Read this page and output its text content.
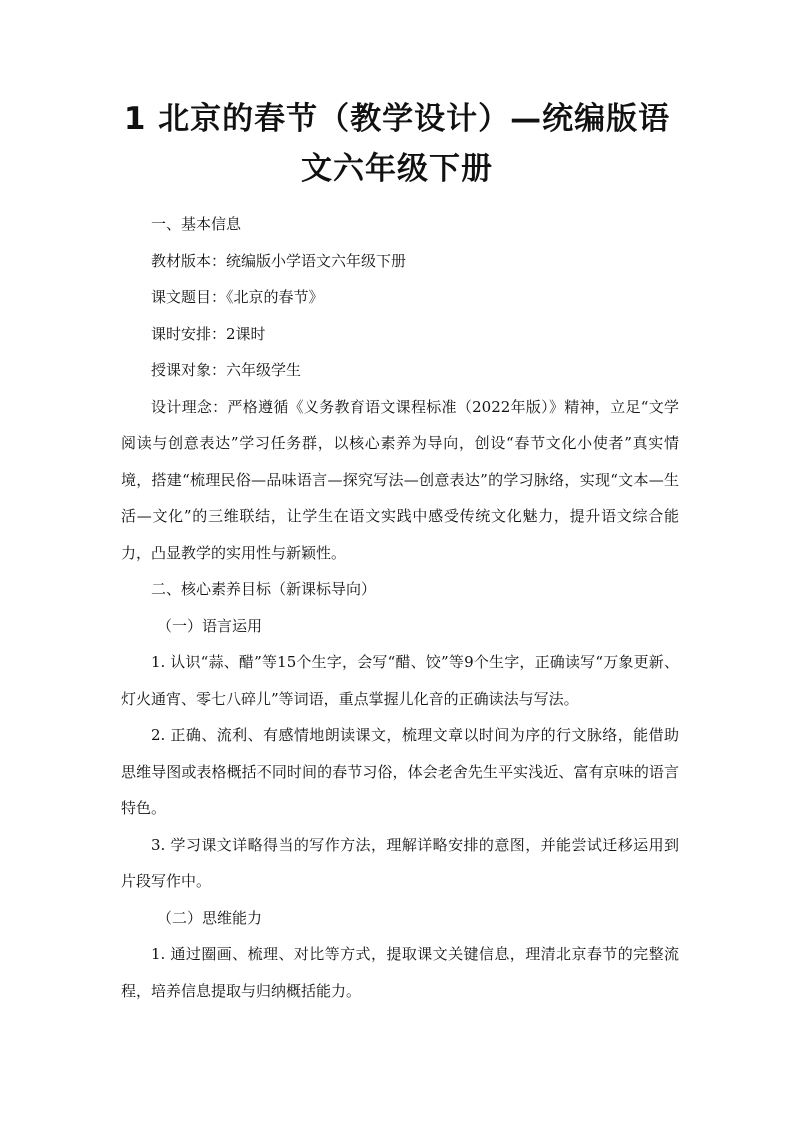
1 北京的春节（教学设计）—统编版语
文六年级下册

一、基本信息

教材版本：统编版小学语文六年级下册

课文题目：《北京的春节》

课时安排：2课时

授课对象：六年级学生

设计理念：严格遵循《义务教育语文课程标准（2022年版）》精神，立足“文学阅读与创意表达”学习任务群，以核心素养为导向，创设“春节文化小使者”真实情境，搭建“梳理民俗—品味语言—探究写法—创意表达”的学习脉络，实现“文本—生活—文化”的三维联结，让学生在语文实践中感受传统文化魅力，提升语文综合能力，凸显教学的实用性与新颖性。

二、核心素养目标（新课标导向）

（一）语言运用

1. 认识“蒜、醋”等15个生字，会写“醋、饺”等9个生字，正确读写“万象更新、灯火通宵、零七八碎儿”等词语，重点掌握儿化音的正确读法与写法。

2. 正确、流利、有感情地朗读课文，梳理文章以时间为序的行文脉络，能借助思维导图或表格概括不同时间的春节习俗，体会老舍先生平实浅近、富有京味的语言特色。

3. 学习课文详略得当的写作方法，理解详略安排的意图，并能尝试迁移运用到片段写作中。

（二）思维能力

1. 通过圈画、梳理、对比等方式，提取课文关键信息，理清北京春节的完整流程，培养信息提取与归纳概括能力。
